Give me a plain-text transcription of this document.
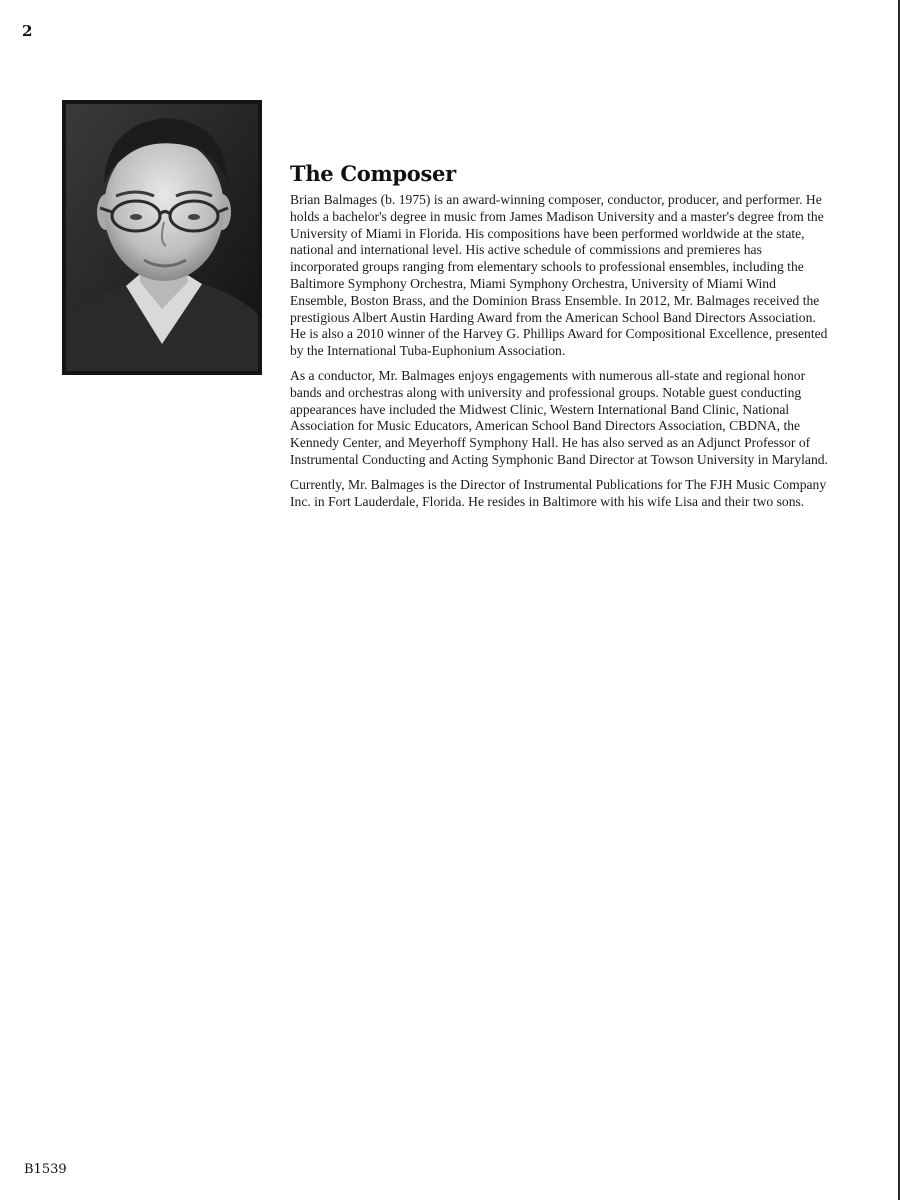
2
The Composer

Brian Balmages (b. 1975) is an award-winning composer, conductor, producer, and performer. He holds a bachelor's degree in music from James Madison University and a master's degree from the University of Miami in Florida. His compositions have been performed worldwide at the state, national and international level. His active schedule of commissions and premieres has incorporated groups ranging from elementary schools to professional ensembles, including the Baltimore Symphony Orchestra, Miami Symphony Orchestra, University of Miami Wind Ensemble, Boston Brass, and the Dominion Brass Ensemble. In 2012, Mr. Balmages received the prestigious Albert Austin Harding Award from the American School Band Directors Association. He is also a 2010 winner of the Harvey G. Phillips Award for Compositional Excellence, presented by the International Tuba-Euphonium Association.

As a conductor, Mr. Balmages enjoys engagements with numerous all-state and regional honor bands and orchestras along with university and professional groups. Notable guest conducting appearances have included the Midwest Clinic, Western International Band Clinic, National Association for Music Educators, American School Band Directors Association, CBDNA, the Kennedy Center, and Meyerhoff Symphony Hall. He has also served as an Adjunct Professor of Instrumental Conducting and Acting Symphonic Band Director at Towson University in Maryland.

Currently, Mr. Balmages is the Director of Instrumental Publications for The FJH Music Company Inc. in Fort Lauderdale, Florida. He resides in Baltimore with his wife Lisa and their two sons.

B1539
